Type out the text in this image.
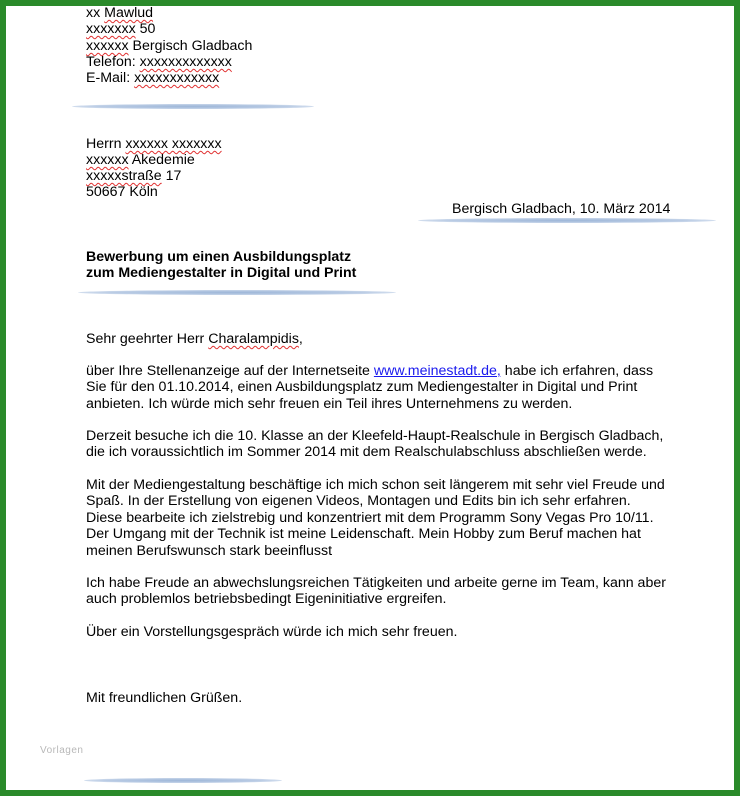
xx Mawlud
xxxxxxx 50
xxxxxx Bergisch Gladbach
Telefon: xxxxxxxxxxxxx
E-Mail: xxxxxxxxxxxx
Herrn xxxxxx xxxxxxx
xxxxxx Akedemie
xxxxxstraße 17
50667 Köln
Bergisch Gladbach, 10. März 2014
Bewerbung um einen Ausbildungsplatz
zum Mediengestalter in Digital und Print
Sehr geehrter Herr Charalampidis,
über Ihre Stellenanzeige auf der Internetseite www.meinestadt.de, habe ich erfahren, dass
Sie für den 01.10.2014, einen Ausbildungsplatz zum Mediengestalter in Digital und Print
anbieten. Ich würde mich sehr freuen ein Teil ihres Unternehmens zu werden.
Derzeit besuche ich die 10. Klasse an der Kleefeld-Haupt-Realschule in Bergisch Gladbach,
die ich voraussichtlich im Sommer 2014 mit dem Realschulabschluss abschließen werde.
Mit der Mediengestaltung beschäftige ich mich schon seit längerem mit sehr viel Freude und
Spaß. In der Erstellung von eigenen Videos, Montagen und Edits bin ich sehr erfahren.
Diese bearbeite ich zielstrebig und konzentriert mit dem Programm Sony Vegas Pro 10/11.
Der Umgang mit der Technik ist meine Leidenschaft. Mein Hobby zum Beruf machen hat
meinen Berufswunsch stark beeinflusst
Ich habe Freude an abwechslungsreichen Tätigkeiten und arbeite gerne im Team, kann aber
auch problemlos betriebsbedingt Eigeninitiative ergreifen.
Über ein Vorstellungsgespräch würde ich mich sehr freuen.
Mit freundlichen Grüßen.
Vorlagen
